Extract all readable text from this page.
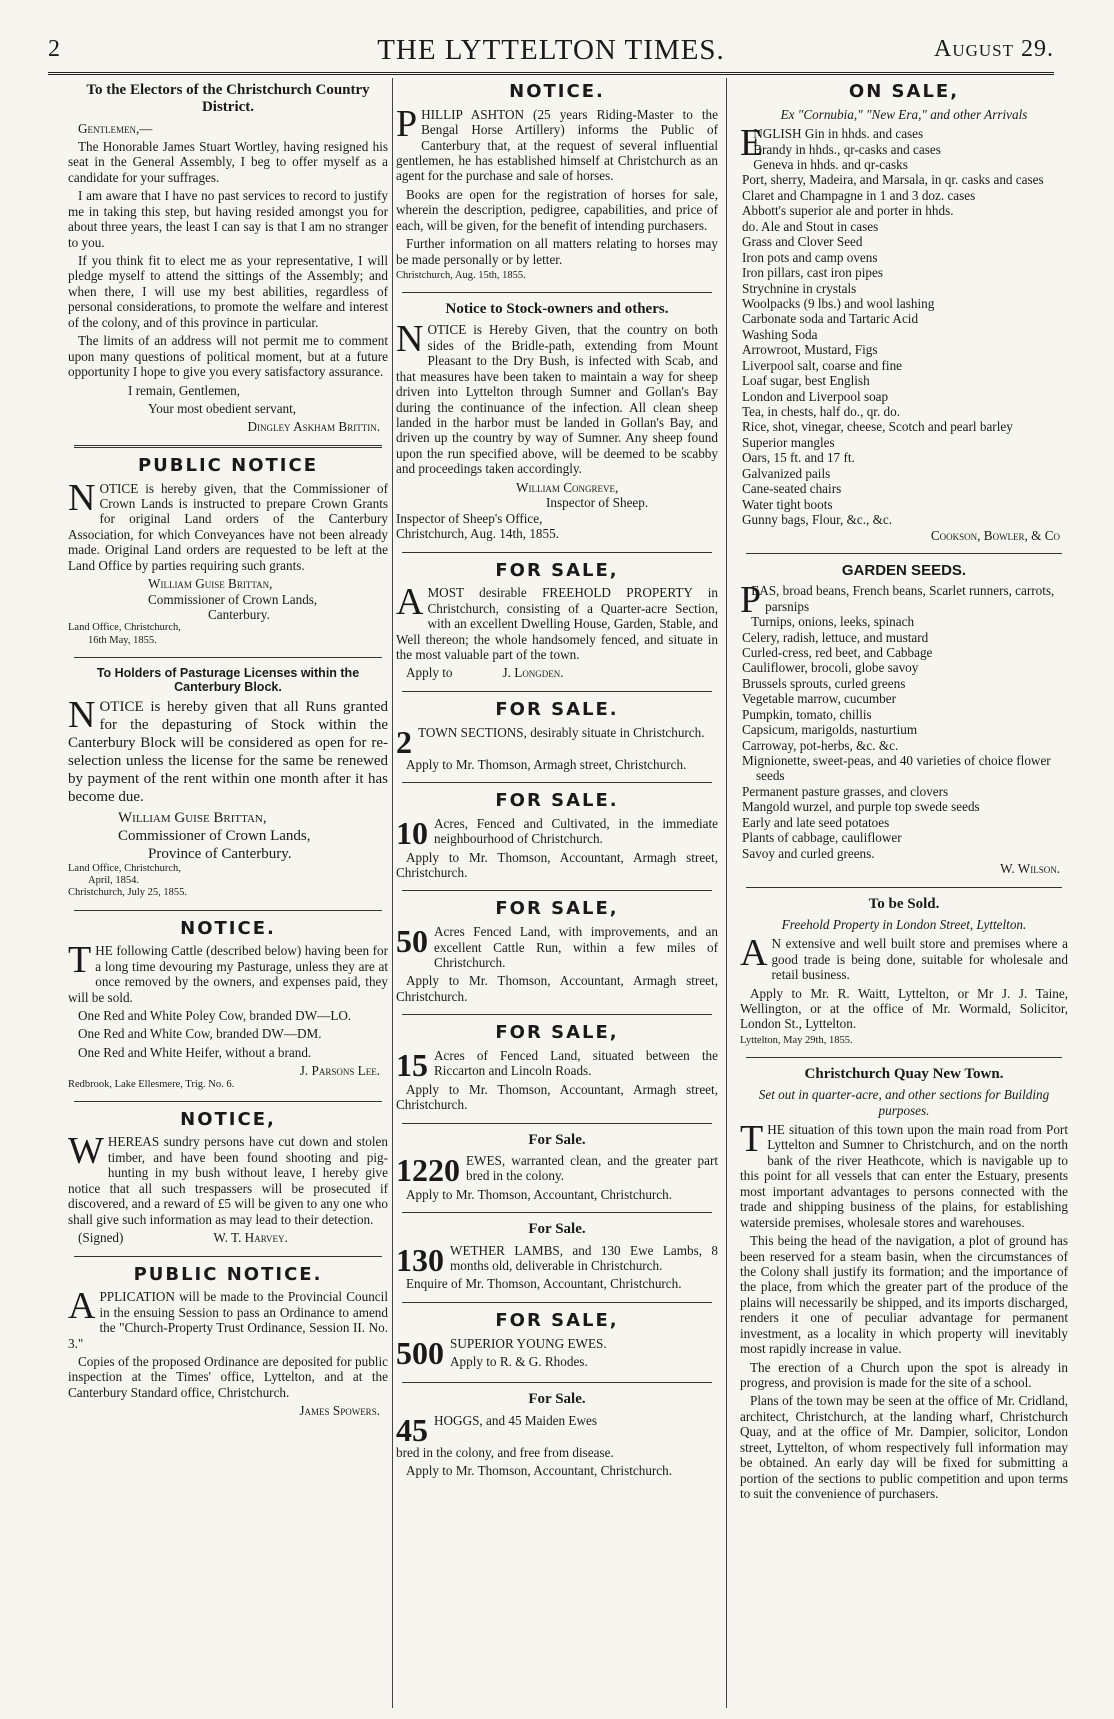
2	THE LYTTELTON TIMES.	August 29.
To the Electors of the Christchurch Country District.

Gentlemen,—

The Honorable James Stuart Wortley, having resigned his seat in the General Assembly, I beg to offer myself as a candidate for your suffrages.

I am aware that I have no past services to record to justify me in taking this step, but having resided amongst you for about three years, the least I can say is that I am no stranger to you.

If you think fit to elect me as your representative, I will pledge myself to attend the sittings of the Assembly; and when there, I will use my best abilities, regardless of personal considerations, to promote the welfare and interest of the colony, and of this province in particular.

The limits of an address will not permit me to comment upon many questions of political moment, but at a future opportunity I hope to give you every satisfactory assurance.

I remain, Gentlemen,

Your most obedient servant,

Dingley Askham Brittin.
PUBLIC NOTICE
N OTICE is hereby given, that the Commissioner of Crown Lands is instructed to prepare Crown Grants for original Land orders of the Canterbury Association, for which Conveyances have not been already made. Original Land orders are requested to be left at the Land Office by parties requiring such grants.

William Guise Brittan,
Commissioner of Crown Lands,
Canterbury.
Land Office, Christchurch,
16th May, 1855.
To Holders of Pasturage Licenses within the Canterbury Block.
N OTICE is hereby given that all Runs granted for the depasturing of Stock within the Canterbury Block will be considered as open for re-selection unless the license for the same be renewed by payment of the rent within one month after it has become due.

William Guise Brittan,
Commissioner of Crown Lands,
Province of Canterbury.
Land Office, Christchurch,
April, 1854.
Christchurch, July 25, 1855.
NOTICE.
T HE following Cattle (described below) having been for a long time devouring my Pasturage, unless they are at once removed by the owners, and expenses paid, they will be sold.

One Red and White Poley Cow, branded DW—LO.

One Red and White Cow, branded DW—DM.

One Red and White Heifer, without a brand.

J. Parsons Lee.
Redbrook, Lake Ellesmere, Trig. No. 6.
NOTICE,
W HEREAS sundry persons have cut down and stolen timber, and have been found shooting and pig-hunting in my bush without leave, I hereby give notice that all such trespassers will be prosecuted if discovered, and a reward of £5 will be given to any one who shall give such information as may lead to their detection.

(Signed)	W. T. Harvey.

PUBLIC NOTICE.
A PPLICATION will be made to the Provincial Council in the ensuing Session to pass an Ordinance to amend the "Church-Property Trust Ordinance, Session II. No. 3."

Copies of the proposed Ordinance are deposited for public inspection at the Times' office, Lyttelton, and at the Canterbury Standard office, Christchurch.

James Spowers.
NOTICE.
P HILLIP ASHTON (25 years Riding-Master to the Bengal Horse Artillery) informs the Public of Canterbury that, at the request of several influential gentlemen, he has established himself at Christchurch as an agent for the purchase and sale of horses.

Books are open for the registration of horses for sale, wherein the description, pedigree, capabilities, and price of each, will be given, for the benefit of intending purchasers.

Further information on all matters relating to horses may be made personally or by letter.

Christchurch, Aug. 15th, 1855.
Notice to Stock-owners and others.
N OTICE is Hereby Given, that the country on both sides of the Bridle-path, extending from Mount Pleasant to the Dry Bush, is infected with Scab, and that measures have been taken to maintain a way for sheep driven into Lyttelton through Sumner and Gollan's Bay during the continuance of the infection. All clean sheep landed in the harbor must be landed in Gollan's Bay, and driven up the country by way of Sumner. Any sheep found upon the run specified above, will be deemed to be scabby and proceedings taken accordingly.

William Congreve,
Inspector of Sheep.
Inspector of Sheep's Office,
Christchurch, Aug. 14th, 1855.
FOR SALE,
A MOST desirable FREEHOLD PROPERTY in Christchurch, consisting of a Quarter-acre Section, with an excellent Dwelling House, Garden, Stable, and Well thereon; the whole handsomely fenced, and situate in the most valuable part of the town.

Apply to	J. Longden.

FOR SALE.
2 TOWN SECTIONS, desirably situate in Christchurch.

Apply to Mr. Thomson, Armagh street, Christchurch.

FOR SALE.
10 Acres, Fenced and Cultivated, in the immediate neighbourhood of Christchurch.

Apply to Mr. Thomson, Accountant, Armagh street, Christchurch.

FOR SALE,
50 Acres Fenced Land, with improvements, and an excellent Cattle Run, within a few miles of Christchurch.

Apply to Mr. Thomson, Accountant, Armagh street, Christchurch.

FOR SALE,
15 Acres of Fenced Land, situated between the Riccarton and Lincoln Roads.

Apply to Mr. Thomson, Accountant, Armagh street, Christchurch.

For Sale.
1220 EWES, warranted clean, and the greater part bred in the colony.

Apply to Mr. Thomson, Accountant, Christchurch.

For Sale.
130 WETHER LAMBS, and 130 Ewe Lambs, 8 months old, deliverable in Christchurch.

Enquire of Mr. Thomson, Accountant, Christchurch.

FOR SALE,
500 SUPERIOR YOUNG EWES.

Apply to R. & G. Rhodes.

For Sale.
45 HOGGS, and 45 Maiden Ewes

bred in the colony, and free from disease.

Apply to Mr. Thomson, Accountant, Christchurch.

ON SALE,
Ex "Cornubia," "New Era," and other Arrivals
E
NGLISH Gin in hhds. and cases
Brandy in hhds., qr-casks and cases
Geneva in hhds. and qr-casks
Port, sherry, Madeira, and Marsala, in qr. casks and cases
Claret and Champagne in 1 and 3 doz. cases
Abbott's superior ale and porter in hhds.
do. Ale and Stout in cases
Grass and Clover Seed
Iron pots and camp ovens
Iron pillars, cast iron pipes
Strychnine in crystals
Woolpacks (9 lbs.) and wool lashing
Carbonate soda and Tartaric Acid
Washing Soda
Arrowroot, Mustard, Figs
Liverpool salt, coarse and fine
Loaf sugar, best English
London and Liverpool soap
Tea, in chests, half do., qr. do.
Rice, shot, vinegar, cheese, Scotch and pearl barley
Superior mangles
Oars, 15 ft. and 17 ft.
Galvanized pails
Cane-seated chairs
Water tight boots
Gunny bags, Flour, &c., &c.
Cookson, Bowler, & Co
GARDEN SEEDS.
P
EAS, broad beans, French beans, Scarlet runners, carrots, parsnips
Turnips, onions, leeks, spinach
Celery, radish, lettuce, and mustard
Curled-cress, red beet, and Cabbage
Cauliflower, brocoli, globe savoy
Brussels sprouts, curled greens
Vegetable marrow, cucumber
Pumpkin, tomato, chillis
Capsicum, marigolds, nasturtium
Carroway, pot-herbs, &c. &c.
Mignionette, sweet-peas, and 40 varieties of choice flower seeds
Permanent pasture grasses, and clovers
Mangold wurzel, and purple top swede seeds
Early and late seed potatoes
Plants of cabbage, cauliflower
Savoy and curled greens.
W. Wilson.
To be Sold.
Freehold Property in London Street, Lyttelton.
A N extensive and well built store and premises where a good trade is being done, suitable for wholesale and retail business.

Apply to Mr. R. Waitt, Lyttelton, or Mr J. J. Taine, Wellington, or at the office of Mr. Wormald, Solicitor, London St., Lyttelton.

Lyttelton, May 29th, 1855.
Christchurch Quay New Town.
Set out in quarter-acre, and other sections for Building purposes.
T HE situation of this town upon the main road from Port Lyttelton and Sumner to Christchurch, and on the north bank of the river Heathcote, which is navigable up to this point for all vessels that can enter the Estuary, presents most important advantages to persons connected with the trade and shipping business of the plains, for establishing waterside premises, wholesale stores and warehouses.

This being the head of the navigation, a plot of ground has been reserved for a steam basin, when the circumstances of the Colony shall justify its formation; and the importance of the place, from which the greater part of the produce of the plains will necessarily be shipped, and its imports discharged, renders it one of peculiar advantage for permanent investment, as a locality in which property will inevitably most rapidly increase in value.

The erection of a Church upon the spot is already in progress, and provision is made for the site of a school.

Plans of the town may be seen at the office of Mr. Cridland, architect, Christchurch, at the landing wharf, Christchurch Quay, and at the office of Mr. Dampier, solicitor, London street, Lyttelton, of whom respectively full information may be obtained. An early day will be fixed for submitting a portion of the sections to public competition and upon terms to suit the convenience of purchasers.
